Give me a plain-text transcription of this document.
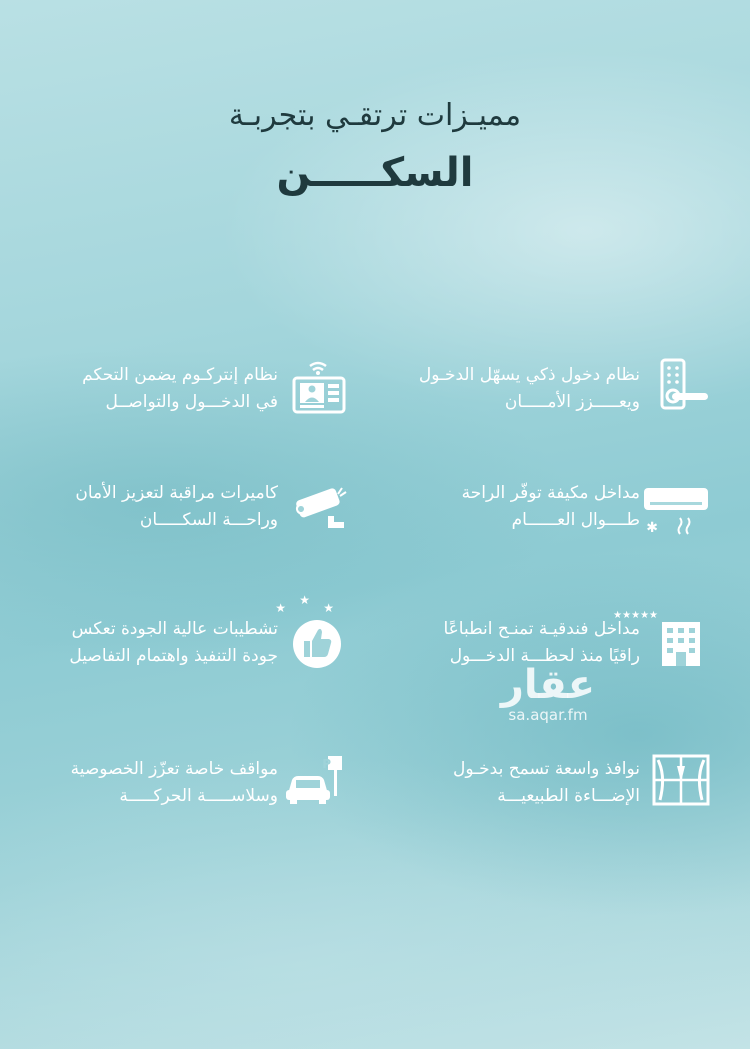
مميـزات ترتقـي بتجربـة
السكـــــن
نظام دخول ذكي يسهّل الدخـول
ويعـــــزز الأمـــــان
نظام إنتركـوم يضمن التحكم
في الدخـــول والتواصــل
✱
مداخل مكيفة توفّر الراحة
طــــوال العــــــام
كاميرات مراقبة لتعزيز الأمان
وراحـــة السكـــــان
★★★★★
مداخل فندقيـة تمنـح انطباعًا
راقيًا منذ لحظـــة الدخـــول
★
★
★
تشطيبات عالية الجودة تعكس
جودة التنفيذ واهتمام التفاصيل
نوافذ واسعة تسمح بدخـول
الإضـــاءة الطبيعيـــة
P
مواقف خاصة تعزّز الخصوصية
وسلاســـــة الحركـــــة
عقار
sa.aqar.fm
